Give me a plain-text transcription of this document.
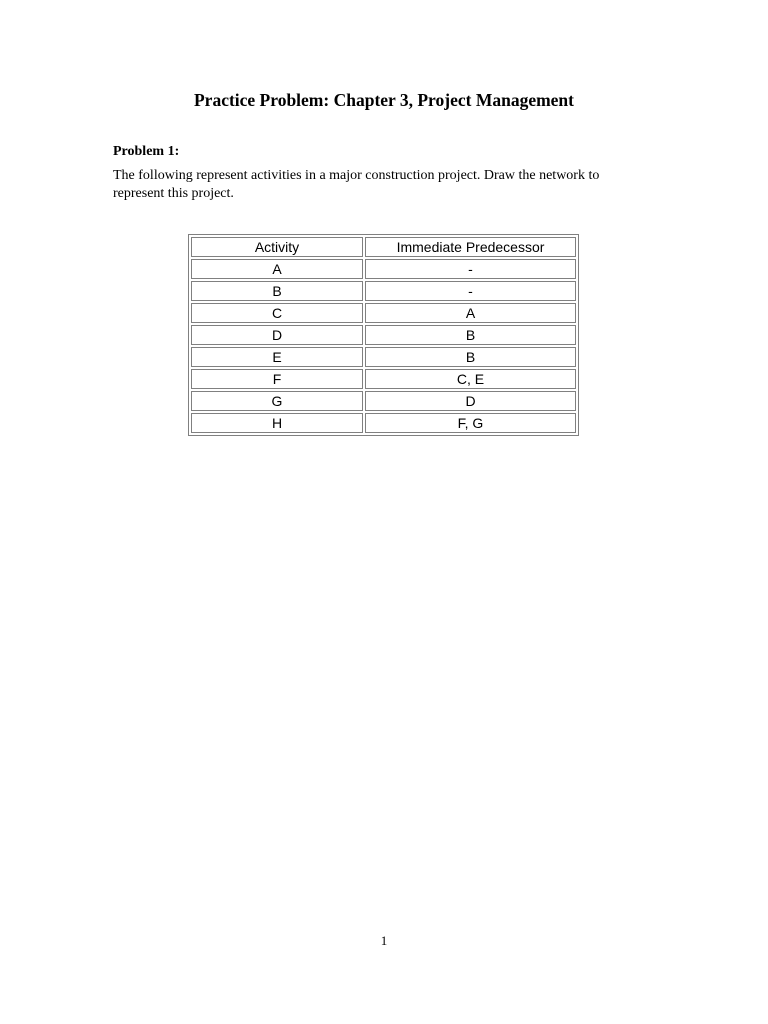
Practice Problem: Chapter 3, Project Management
Problem 1:
The following represent activities in a major construction project. Draw the network to represent this project.
Activity	Immediate Predecessor
A	-
B	-
C	A
D	B
E	B
F	C, E
G	D
H	F, G
1
